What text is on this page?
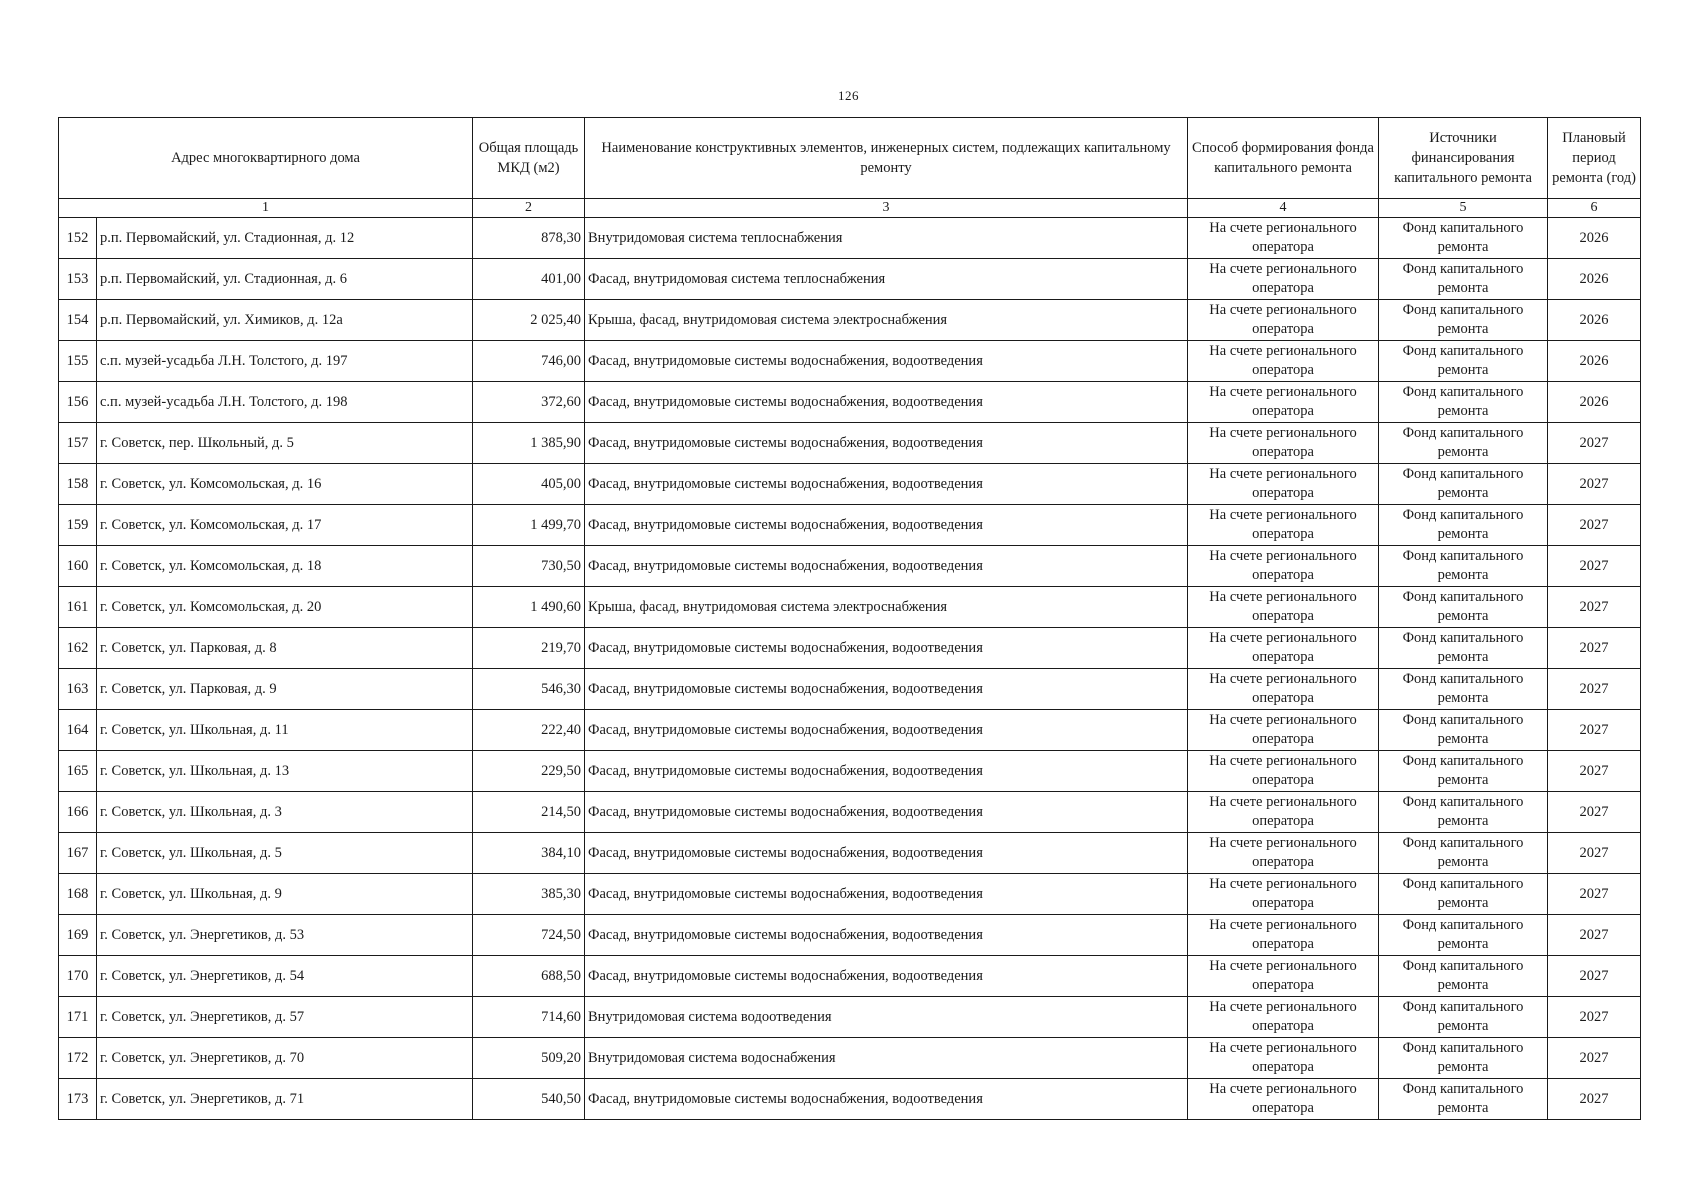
126
Адрес многоквартирного дома		Общая площадь МКД (м2)	Наименование конструктивных элементов, инженерных систем, подлежащих капитальному ремонту	Способ формирования фонда капитального ремонта	Источники финансирования капитального ремонта	Плановый период ремонта (год)
1		2	3	4	5	6
152	р.п. Первомайский, ул. Стадионная, д. 12	878,30	Внутридомовая система теплоснабжения	На счете регионального оператора	Фонд капитального ремонта	2026
153	р.п. Первомайский, ул. Стадионная, д. 6	401,00	Фасад, внутридомовая система теплоснабжения	На счете регионального оператора	Фонд капитального ремонта	2026
154	р.п. Первомайский, ул. Химиков, д. 12а	2 025,40	Крыша, фасад, внутридомовая система электроснабжения	На счете регионального оператора	Фонд капитального ремонта	2026
155	с.п. музей-усадьба Л.Н. Толстого, д. 197	746,00	Фасад, внутридомовые системы водоснабжения, водоотведения	На счете регионального оператора	Фонд капитального ремонта	2026
156	с.п. музей-усадьба Л.Н. Толстого, д. 198	372,60	Фасад, внутридомовые системы водоснабжения, водоотведения	На счете регионального оператора	Фонд капитального ремонта	2026
157	г. Советск, пер. Школьный, д. 5	1 385,90	Фасад, внутридомовые системы водоснабжения, водоотведения	На счете регионального оператора	Фонд капитального ремонта	2027
158	г. Советск, ул. Комсомольская, д. 16	405,00	Фасад, внутридомовые системы водоснабжения, водоотведения	На счете регионального оператора	Фонд капитального ремонта	2027
159	г. Советск, ул. Комсомольская, д. 17	1 499,70	Фасад, внутридомовые системы водоснабжения, водоотведения	На счете регионального оператора	Фонд капитального ремонта	2027
160	г. Советск, ул. Комсомольская, д. 18	730,50	Фасад, внутридомовые системы водоснабжения, водоотведения	На счете регионального оператора	Фонд капитального ремонта	2027
161	г. Советск, ул. Комсомольская, д. 20	1 490,60	Крыша, фасад, внутридомовая система электроснабжения	На счете регионального оператора	Фонд капитального ремонта	2027
162	г. Советск, ул. Парковая, д. 8	219,70	Фасад, внутридомовые системы водоснабжения, водоотведения	На счете регионального оператора	Фонд капитального ремонта	2027
163	г. Советск, ул. Парковая, д. 9	546,30	Фасад, внутридомовые системы водоснабжения, водоотведения	На счете регионального оператора	Фонд капитального ремонта	2027
164	г. Советск, ул. Школьная, д. 11	222,40	Фасад, внутридомовые системы водоснабжения, водоотведения	На счете регионального оператора	Фонд капитального ремонта	2027
165	г. Советск, ул. Школьная, д. 13	229,50	Фасад, внутридомовые системы водоснабжения, водоотведения	На счете регионального оператора	Фонд капитального ремонта	2027
166	г. Советск, ул. Школьная, д. 3	214,50	Фасад, внутридомовые системы водоснабжения, водоотведения	На счете регионального оператора	Фонд капитального ремонта	2027
167	г. Советск, ул. Школьная, д. 5	384,10	Фасад, внутридомовые системы водоснабжения, водоотведения	На счете регионального оператора	Фонд капитального ремонта	2027
168	г. Советск, ул. Школьная, д. 9	385,30	Фасад, внутридомовые системы водоснабжения, водоотведения	На счете регионального оператора	Фонд капитального ремонта	2027
169	г. Советск, ул. Энергетиков, д. 53	724,50	Фасад, внутридомовые системы водоснабжения, водоотведения	На счете регионального оператора	Фонд капитального ремонта	2027
170	г. Советск, ул. Энергетиков, д. 54	688,50	Фасад, внутридомовые системы водоснабжения, водоотведения	На счете регионального оператора	Фонд капитального ремонта	2027
171	г. Советск, ул. Энергетиков, д. 57	714,60	Внутридомовая система водоотведения	На счете регионального оператора	Фонд капитального ремонта	2027
172	г. Советск, ул. Энергетиков, д. 70	509,20	Внутридомовая система водоснабжения	На счете регионального оператора	Фонд капитального ремонта	2027
173	г. Советск, ул. Энергетиков, д. 71	540,50	Фасад, внутридомовые системы водоснабжения, водоотведения	На счете регионального оператора	Фонд капитального ремонта	2027
